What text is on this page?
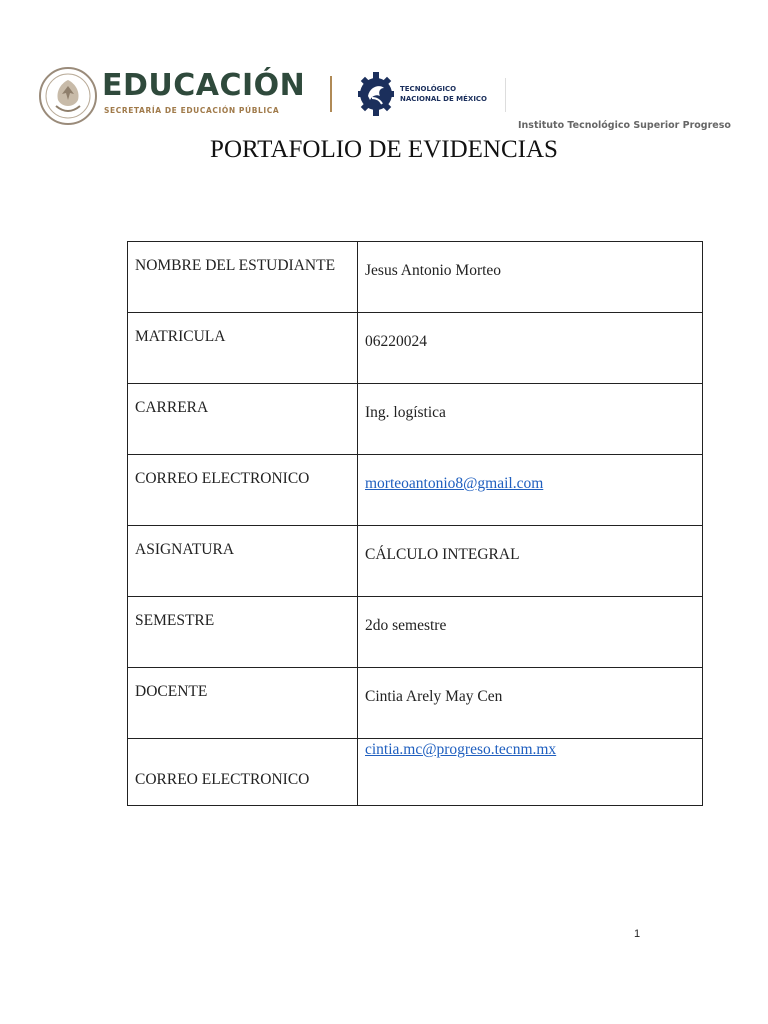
EDUCACIÓN
SECRETARÍA DE EDUCACIÓN PÚBLICA
TECNOLÓGICO
NACIONAL DE MÉXICO
Instituto Tecnológico Superior Progreso
PORTAFOLIO DE EVIDENCIAS
NOMBRE DEL ESTUDIANTE	Jesus Antonio Morteo
MATRICULA	06220024
CARRERA	Ing. logística
CORREO ELECTRONICO	morteoantonio8@gmail.com
ASIGNATURA	CÁLCULO INTEGRAL
SEMESTRE	2do semestre
DOCENTE	Cintia Arely May Cen
CORREO ELECTRONICO	cintia.mc@progreso.tecnm.mx
1
